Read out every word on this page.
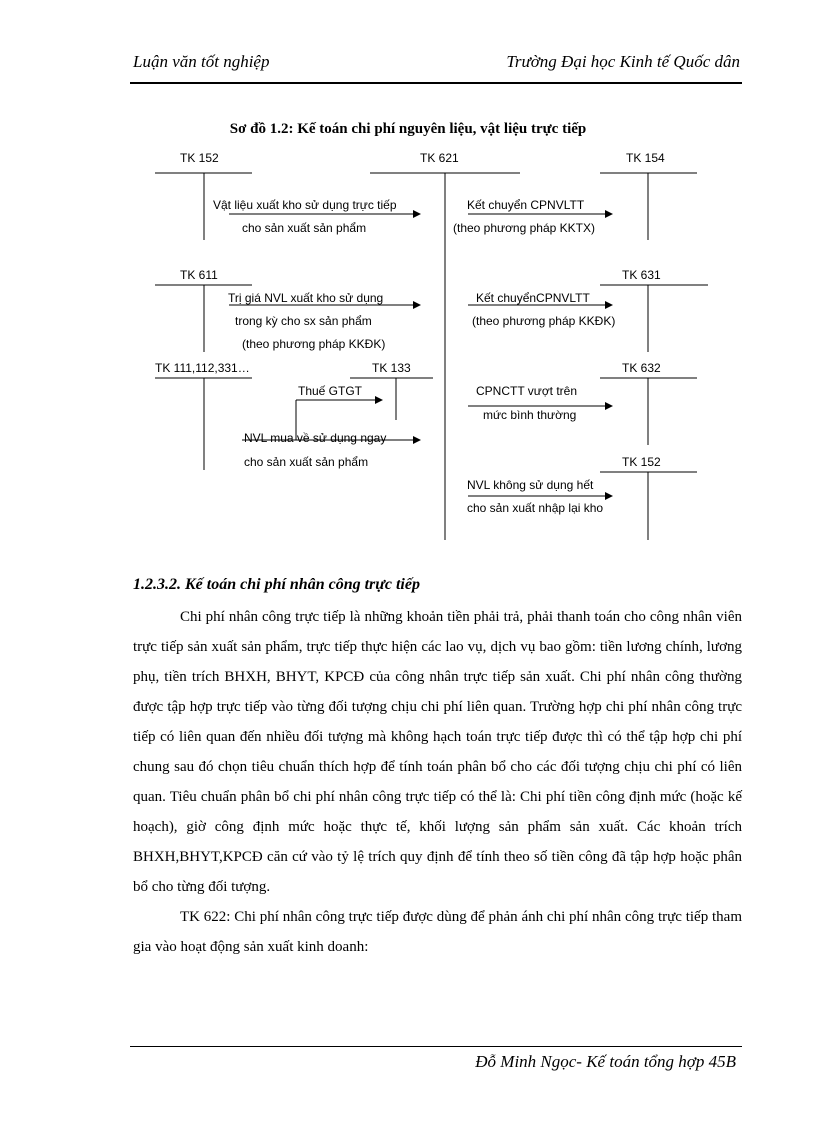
Luận văn tốt nghiệp	Trường Đại học Kinh tế Quốc dân
Sơ đồ 1.2: Kế toán chi phí nguyên liệu, vật liệu trực tiếp
TK 152	TK 621	TK 154
TK 611	TK 631
TK 111,112,331…	TK 133	TK 632
TK 152
Vật liệu xuất kho sử dụng trực tiếp
cho sản xuất sản phẩm
Kết chuyển CPNVLTT
(theo phương pháp KKTX)
Trị giá NVL xuất kho sử dụng
trong kỳ cho sx sản phẩm
(theo phương pháp KKĐK)
Kết chuyểnCPNVLTT
(theo phương pháp KKĐK)
Thuế GTGT
NVL mua về sử dụng ngay
cho sản xuất sản phẩm
CPNCTT vượt trên
mức bình thường
NVL không sử dụng hết
cho sản xuất nhập lại kho
1.2.3.2. Kế toán chi phí nhân công trực tiếp
Chi phí nhân công trực tiếp là những khoản tiền phải trả, phải thanh toán cho công nhân viên trực tiếp sản xuất sản phẩm, trực tiếp thực hiện các lao vụ, dịch vụ bao gồm: tiền lương chính, lương phụ, tiền trích BHXH, BHYT, KPCĐ của công nhân trực tiếp sản xuất. Chi phí nhân công thường được tập hợp trực tiếp vào từng đối tượng chịu chi phí liên quan. Trường hợp chi phí nhân công trực tiếp có liên quan đến nhiều đối tượng mà không hạch toán trực tiếp được thì có thể tập hợp chi phí chung sau đó chọn tiêu chuẩn thích hợp để tính toán phân bổ cho các đối tượng chịu chi phí có liên quan. Tiêu chuẩn phân bổ chi phí nhân công trực tiếp có thể là: Chi phí tiền công định mức (hoặc kế hoạch), giờ công định mức hoặc thực tế, khối lượng sản phẩm sản xuất. Các khoản trích BHXH,BHYT,KPCĐ căn cứ vào tỷ lệ trích quy định để tính theo số tiền công đã tập hợp hoặc phân bổ cho từng đối tượng.
TK 622: Chi phí nhân công trực tiếp được dùng để phản ánh chi phí nhân công trực tiếp tham gia vào hoạt động sản xuất kinh doanh:
Đỗ Minh Ngọc- Kế toán tổng hợp 45B
